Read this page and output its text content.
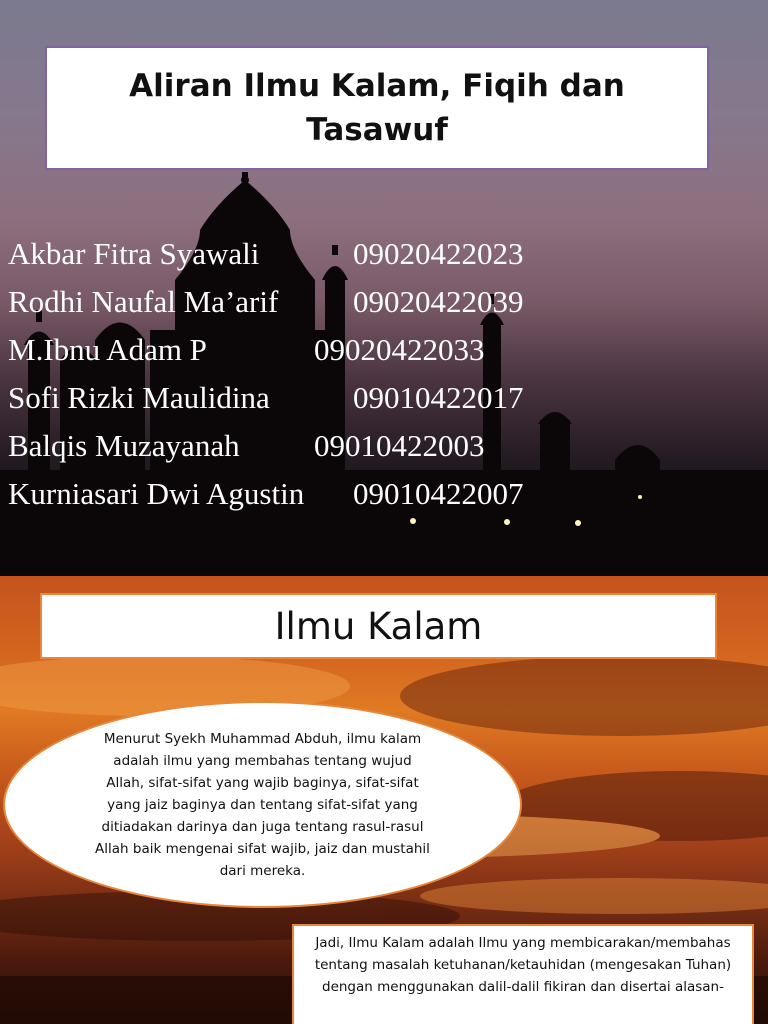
Aliran Ilmu Kalam, Fiqih dan Tasawuf
Akbar Fitra Syawali	09020422023
Rodhi Naufal Ma’arif 09020422039
M.Ibnu Adam P	09020422033
Sofi Rizki Maulidina	09010422017
Balqis Muzayanah 09010422003
Kurniasari Dwi Agustin 09010422007
Ilmu Kalam

Menurut Syekh Muhammad Abduh, ilmu kalam adalah ilmu yang membahas tentang wujud Allah, sifat-sifat yang wajib baginya, sifat-sifat yang jaiz baginya dan tentang sifat-sifat yang ditiadakan darinya dan juga tentang rasul-rasul Allah baik mengenai sifat wajib, jaiz dan mustahil dari mereka.

Jadi, Ilmu Kalam adalah Ilmu yang membicarakan/membahas tentang masalah ketuhanan/ketauhidan (mengesakan Tuhan) dengan menggunakan dalil-dalil fikiran dan disertai alasan-
